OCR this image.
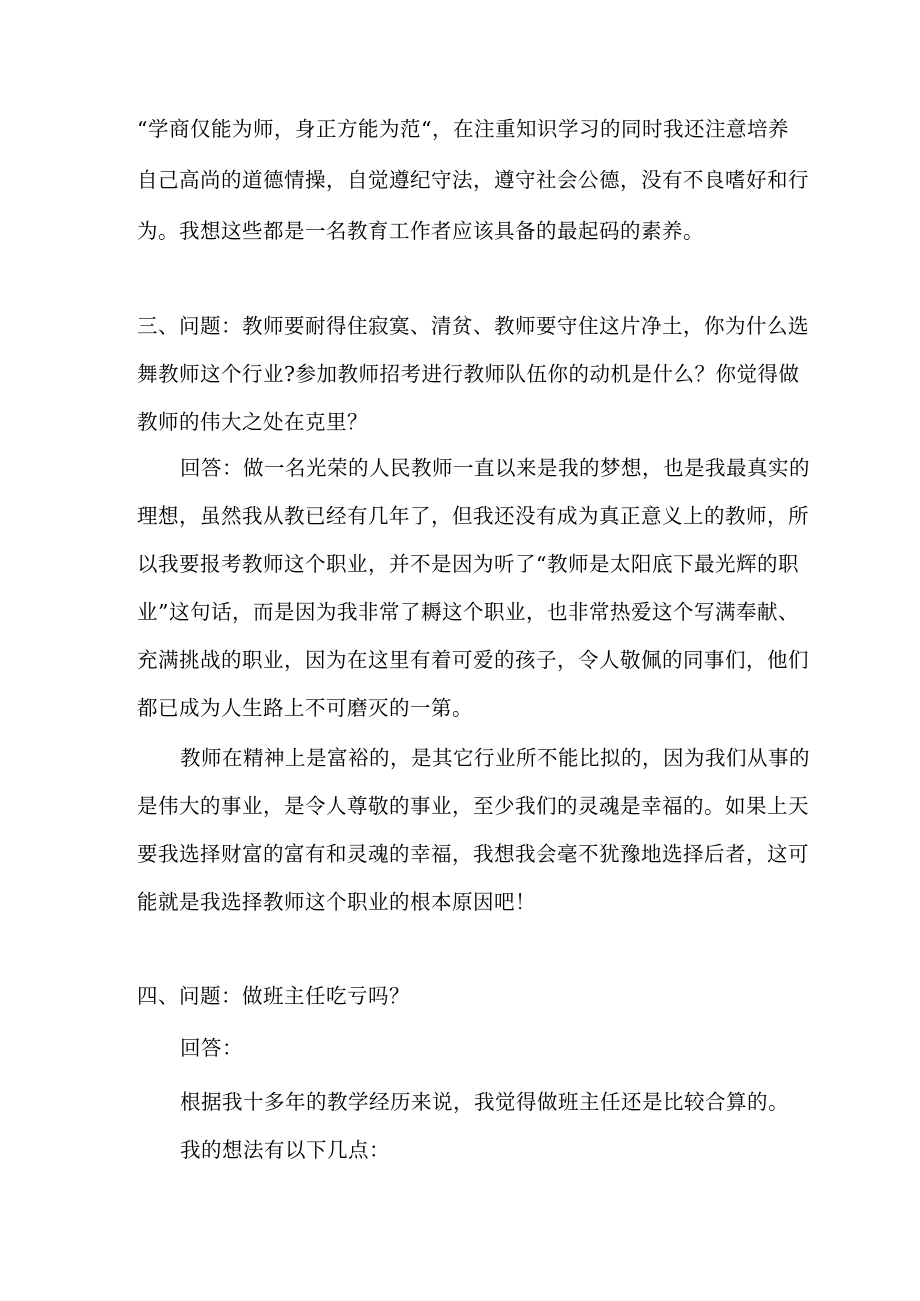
“学商仅能为师，身正方能为范“，在注重知识学习的同时我还注意培养
自己高尚的道德情操，自觉遵纪守法，遵守社会公德，没有不良嗜好和行
为。我想这些都是一名教育工作者应该具备的最起码的素养。
三、问题：教师要耐得住寂寞、清贫、教师要守住这片净土，你为什么选
舞教师这个行业?参加教师招考进行教师队伍你的动机是什么？你觉得做
教师的伟大之处在克里？
回答：做一名光荣的人民教师一直以来是我的梦想，也是我最真实的
理想，虽然我从教已经有几年了，但我还没有成为真正意义上的教师，所
以我要报考教师这个职业，并不是因为听了“教师是太阳底下最光辉的职
业”这句话，而是因为我非常了耨这个职业，也非常热爱这个写满奉献、
充满挑战的职业，因为在这里有着可爱的孩子，令人敬佩的同事们，他们
都已成为人生路上不可磨灭的一第。
教师在精神上是富裕的，是其它行业所不能比拟的，因为我们从事的
是伟大的事业，是令人尊敬的事业，至少我们的灵魂是幸福的。如果上天
要我选择财富的富有和灵魂的幸福，我想我会毫不犹豫地选择后者，这可
能就是我选择教师这个职业的根本原因吧！
四、问题：做班主任吃亏吗？
回答：
根据我十多年的教学经历来说，我觉得做班主任还是比较合算的。
我的想法有以下几点：
